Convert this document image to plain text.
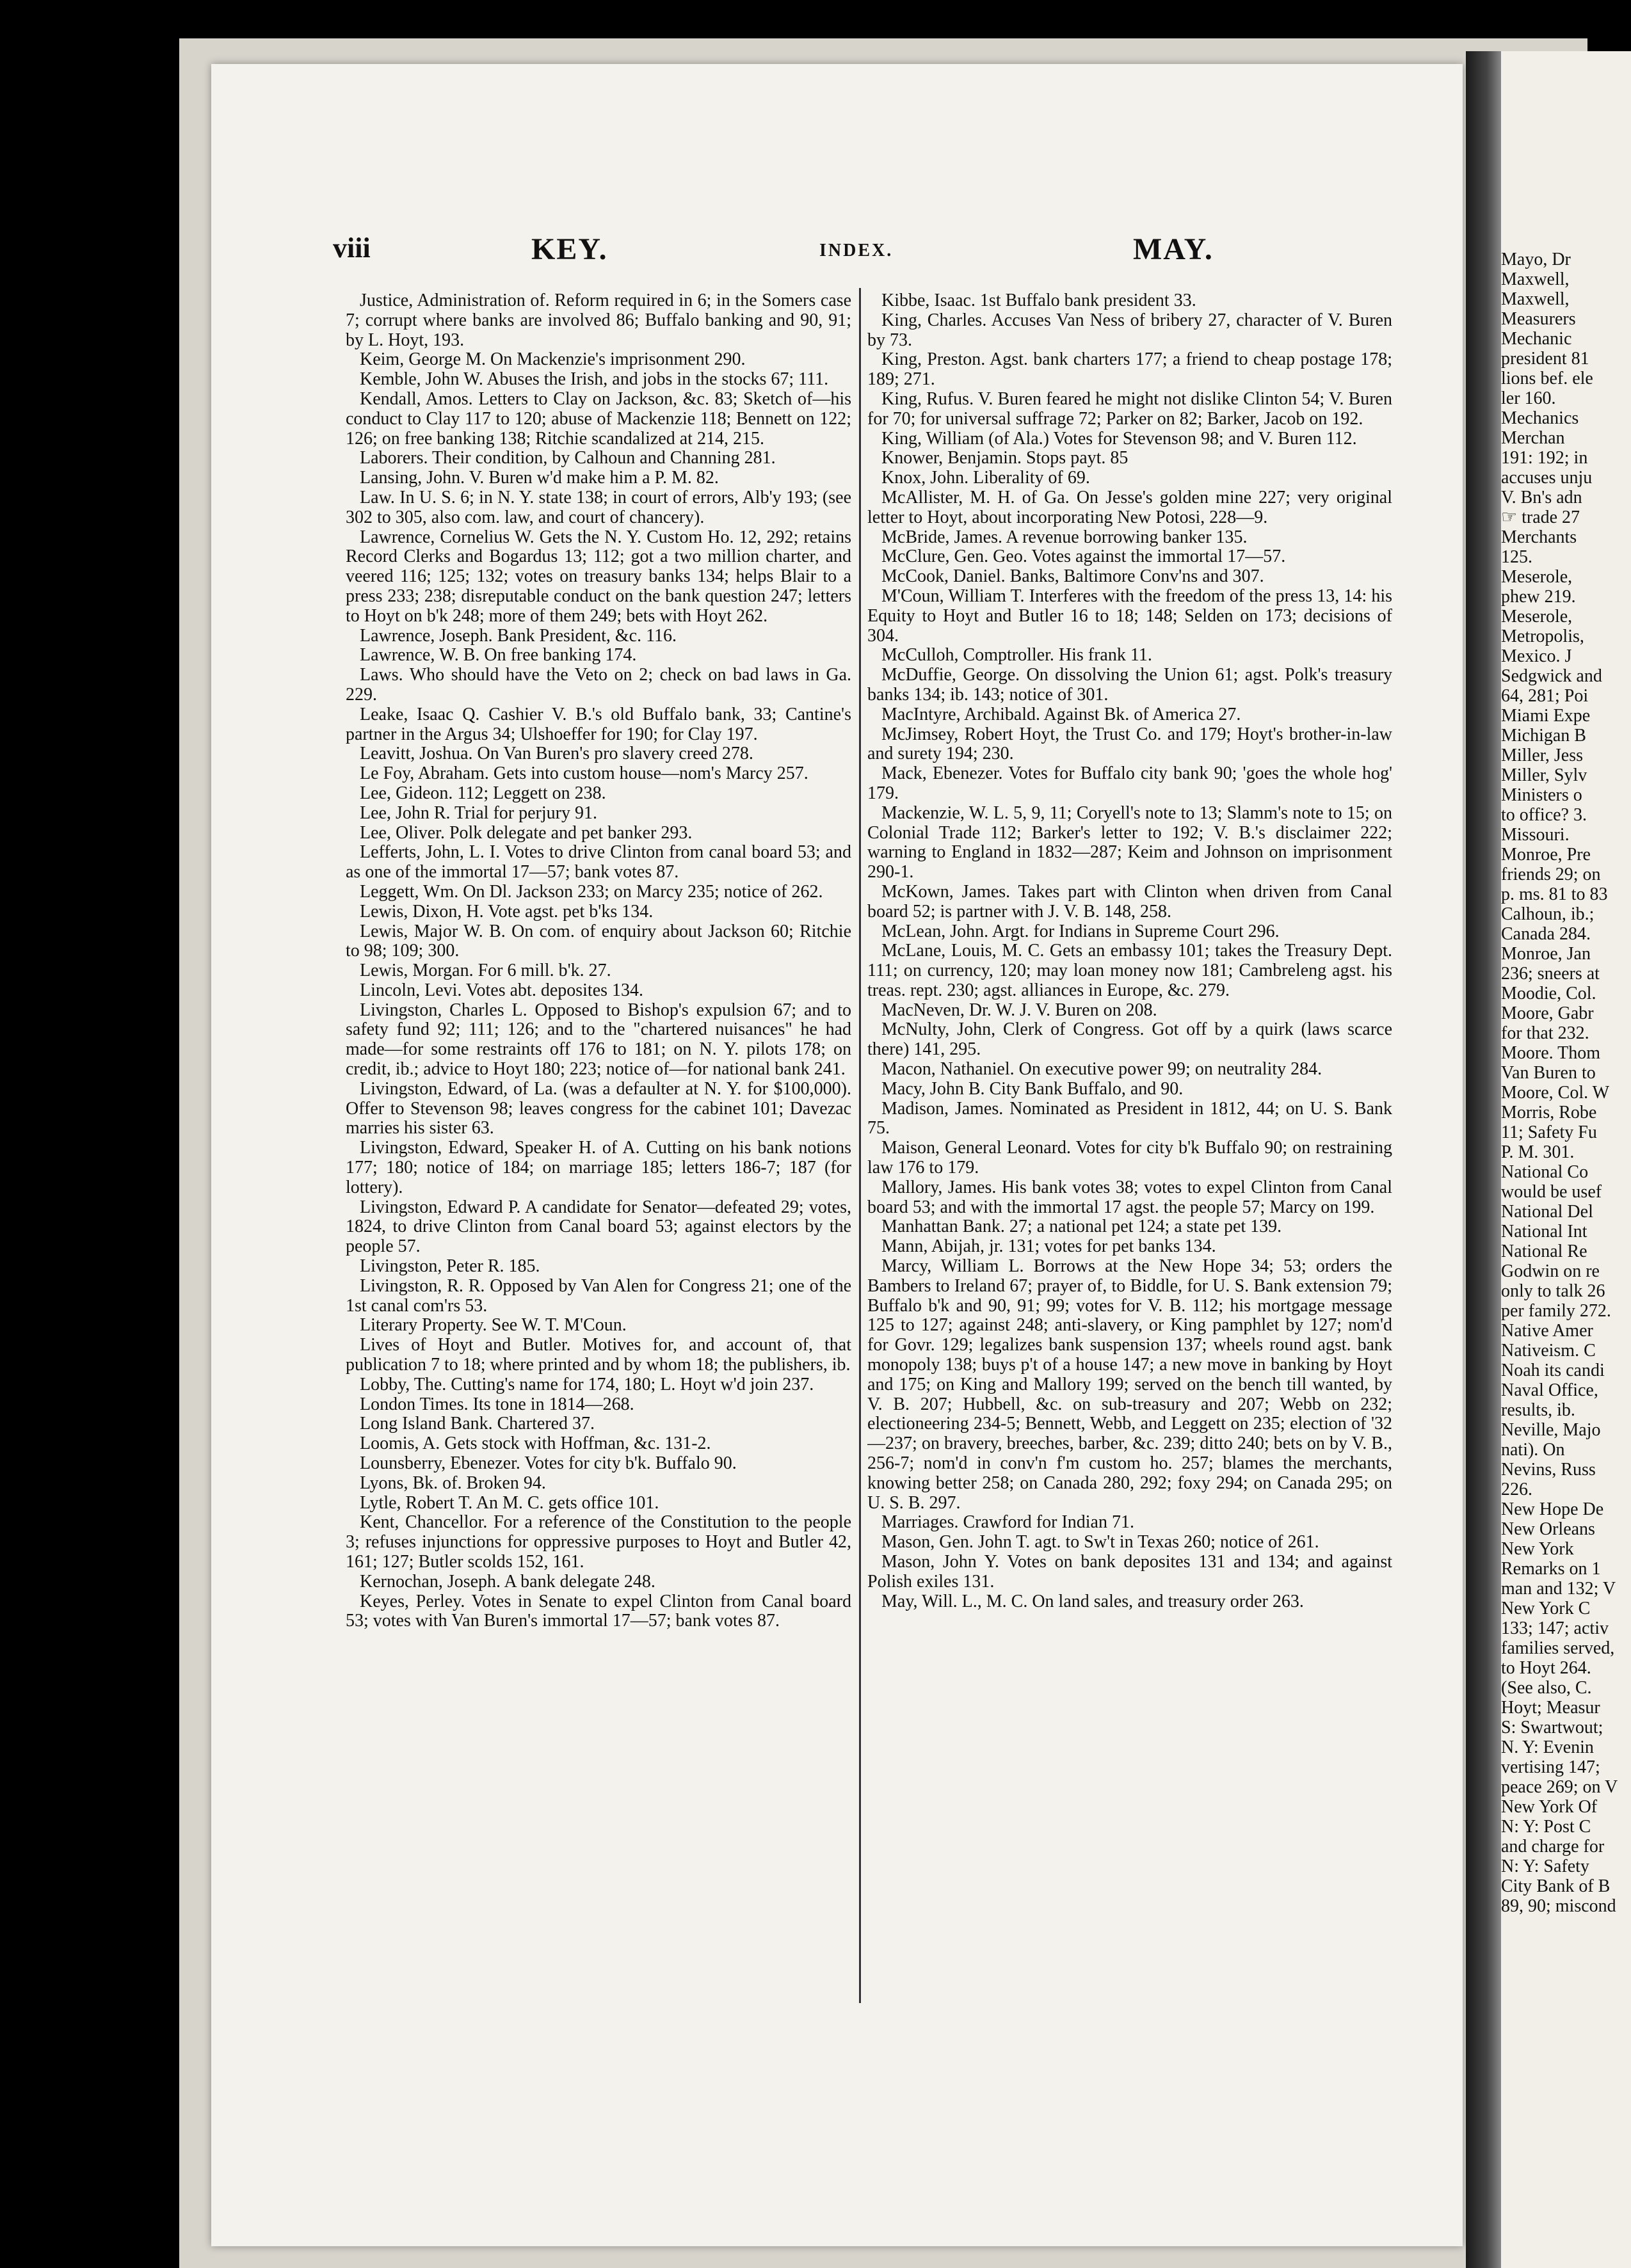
Mayo, Dr
Maxwell,
Maxwell,
Measurers
Mechanic
president 81
lions bef. ele
ler 160.
Mechanics
Merchan
191: 192; in
accuses unju
V. Bn's adn
☞ trade 27
Merchants
125.
Meserole,
phew 219.
Meserole,
Metropolis,
Mexico. J
Sedgwick and
64, 281; Poi
Miami Expe
Michigan B
Miller, Jess
Miller, Sylv
Ministers o
to office? 3.
Missouri.
Monroe, Pre
friends 29; on
p. ms. 81 to 83
Calhoun, ib.;
Canada 284.
Monroe, Jan
236; sneers at
Moodie, Col.
Moore, Gabr
for that 232.
Moore. Thom
Van Buren to
Moore, Col. W
Morris, Robe
11; Safety Fu
P. M. 301.
National Co
would be usef
National Del
National Int
National Re
Godwin on re
only to talk 26
per family 272.
Native Amer
Nativeism. C
Noah its candi
Naval Office,
results, ib.
Neville, Majo
nati). On
Nevins, Russ
226.
New Hope De
New Orleans
New York
Remarks on 1
man and 132; V
New York C
133; 147; activ
families served,
to Hoyt 264.
(See also, C.
Hoyt; Measur
S: Swartwout;
N. Y: Evenin
vertising 147;
peace 269; on V
New York Of
N: Y: Post C
and charge for
N: Y: Safety
City Bank of B
89, 90; miscond
viii	KEY.	INDEX.	MAY.

Justice, Administration of. Reform required in 6; in the Somers case 7; corrupt where banks are involved 86; Buffalo banking and 90, 91; by L. Hoyt, 193.

Keim, George M. On Mackenzie's imprisonment 290.

Kemble, John W. Abuses the Irish, and jobs in the stocks 67; 111.

Kendall, Amos. Letters to Clay on Jackson, &c. 83; Sketch of—his conduct to Clay 117 to 120; abuse of Mackenzie 118; Bennett on 122; 126; on free banking 138; Ritchie scandalized at 214, 215.

Laborers. Their condition, by Calhoun and Channing 281.

Lansing, John. V. Buren w'd make him a P. M. 82.

Law. In U. S. 6; in N. Y. state 138; in court of errors, Alb'y 193; (see 302 to 305, also com. law, and court of chancery).

Lawrence, Cornelius W. Gets the N. Y. Custom Ho. 12, 292; retains Record Clerks and Bogardus 13; 112; got a two million charter, and veered 116; 125; 132; votes on treasury banks 134; helps Blair to a press 233; 238; disreputable conduct on the bank question 247; letters to Hoyt on b'k 248; more of them 249; bets with Hoyt 262.

Lawrence, Joseph. Bank President, &c. 116.

Lawrence, W. B. On free banking 174.

Laws. Who should have the Veto on 2; check on bad laws in Ga. 229.

Leake, Isaac Q. Cashier V. B.'s old Buffalo bank, 33; Cantine's partner in the Argus 34; Ulshoeffer for 190; for Clay 197.

Leavitt, Joshua. On Van Buren's pro slavery creed 278.

Le Foy, Abraham. Gets into custom house—nom's Marcy 257.

Lee, Gideon. 112; Leggett on 238.

Lee, John R. Trial for perjury 91.

Lee, Oliver. Polk delegate and pet banker 293.

Lefferts, John, L. I. Votes to drive Clinton from canal board 53; and as one of the immortal 17—57; bank votes 87.

Leggett, Wm. On Dl. Jackson 233; on Marcy 235; notice of 262.

Lewis, Dixon, H. Vote agst. pet b'ks 134.

Lewis, Major W. B. On com. of enquiry about Jackson 60; Ritchie to 98; 109; 300.

Lewis, Morgan. For 6 mill. b'k. 27.

Lincoln, Levi. Votes abt. deposites 134.

Livingston, Charles L. Opposed to Bishop's expulsion 67; and to safety fund 92; 111; 126; and to the "chartered nuisances" he had made—for some restraints off 176 to 181; on N. Y. pilots 178; on credit, ib.; advice to Hoyt 180; 223; notice of—for national bank 241.

Livingston, Edward, of La. (was a defaulter at N. Y. for $100,000). Offer to Stevenson 98; leaves congress for the cabinet 101; Davezac marries his sister 63.

Livingston, Edward, Speaker H. of A. Cutting on his bank notions 177; 180; notice of 184; on marriage 185; letters 186-7; 187 (for lottery).

Livingston, Edward P. A candidate for Senator—defeated 29; votes, 1824, to drive Clinton from Canal board 53; against electors by the people 57.

Livingston, Peter R. 185.

Livingston, R. R. Opposed by Van Alen for Congress 21; one of the 1st canal com'rs 53.

Literary Property. See W. T. M'Coun.

Lives of Hoyt and Butler. Motives for, and account of, that publication 7 to 18; where printed and by whom 18; the publishers, ib.

Lobby, The. Cutting's name for 174, 180; L. Hoyt w'd join 237.

London Times. Its tone in 1814—268.

Long Island Bank. Chartered 37.

Loomis, A. Gets stock with Hoffman, &c. 131-2.

Lounsberry, Ebenezer. Votes for city b'k. Buffalo 90.

Lyons, Bk. of. Broken 94.

Lytle, Robert T. An M. C. gets office 101.

Kent, Chancellor. For a reference of the Constitution to the people 3; refuses injunctions for oppressive purposes to Hoyt and Butler 42, 161; 127; Butler scolds 152, 161.

Kernochan, Joseph. A bank delegate 248.

Keyes, Perley. Votes in Senate to expel Clinton from Canal board 53; votes with Van Buren's immortal 17—57; bank votes 87.

Kibbe, Isaac. 1st Buffalo bank president 33.

King, Charles. Accuses Van Ness of bribery 27, character of V. Buren by 73.

King, Preston. Agst. bank charters 177; a friend to cheap postage 178; 189; 271.

King, Rufus. V. Buren feared he might not dislike Clinton 54; V. Buren for 70; for universal suffrage 72; Parker on 82; Barker, Jacob on 192.

King, William (of Ala.) Votes for Stevenson 98; and V. Buren 112.

Knower, Benjamin. Stops payt. 85

Knox, John. Liberality of 69.

McAllister, M. H. of Ga. On Jesse's golden mine 227; very original letter to Hoyt, about incorporating New Potosi, 228—9.

McBride, James. A revenue borrowing banker 135.

McClure, Gen. Geo. Votes against the immortal 17—57.

McCook, Daniel. Banks, Baltimore Conv'ns and 307.

M'Coun, William T. Interferes with the freedom of the press 13, 14: his Equity to Hoyt and Butler 16 to 18; 148; Selden on 173; decisions of 304.

McCulloh, Comptroller. His frank 11.

McDuffie, George. On dissolving the Union 61; agst. Polk's treasury banks 134; ib. 143; notice of 301.

MacIntyre, Archibald. Against Bk. of America 27.

McJimsey, Robert Hoyt, the Trust Co. and 179; Hoyt's brother-in-law and surety 194; 230.

Mack, Ebenezer. Votes for Buffalo city bank 90; 'goes the whole hog' 179.

Mackenzie, W. L. 5, 9, 11; Coryell's note to 13; Slamm's note to 15; on Colonial Trade 112; Barker's letter to 192; V. B.'s disclaimer 222; warning to England in 1832—287; Keim and Johnson on imprisonment 290-1.

McKown, James. Takes part with Clinton when driven from Canal board 52; is partner with J. V. B. 148, 258.

McLean, John. Argt. for Indians in Supreme Court 296.

McLane, Louis, M. C. Gets an embassy 101; takes the Treasury Dept. 111; on currency, 120; may loan money now 181; Cambreleng agst. his treas. rept. 230; agst. alliances in Europe, &c. 279.

MacNeven, Dr. W. J. V. Buren on 208.

McNulty, John, Clerk of Congress. Got off by a quirk (laws scarce there) 141, 295.

Macon, Nathaniel. On executive power 99; on neutrality 284.

Macy, John B. City Bank Buffalo, and 90.

Madison, James. Nominated as President in 1812, 44; on U. S. Bank 75.

Maison, General Leonard. Votes for city b'k Buffalo 90; on restraining law 176 to 179.

Mallory, James. His bank votes 38; votes to expel Clinton from Canal board 53; and with the immortal 17 agst. the people 57; Marcy on 199.

Manhattan Bank. 27; a national pet 124; a state pet 139.

Mann, Abijah, jr. 131; votes for pet banks 134.

Marcy, William L. Borrows at the New Hope 34; 53; orders the Bambers to Ireland 67; prayer of, to Biddle, for U. S. Bank extension 79; Buffalo b'k and 90, 91; 99; votes for V. B. 112; his mortgage message 125 to 127; against 248; anti-slavery, or King pamphlet by 127; nom'd for Govr. 129; legalizes bank suspension 137; wheels round agst. bank monopoly 138; buys p't of a house 147; a new move in banking by Hoyt and 175; on King and Mallory 199; served on the bench till wanted, by V. B. 207; Hubbell, &c. on sub-treasury and 207; Webb on 232; electioneering 234-5; Bennett, Webb, and Leggett on 235; election of '32—237; on bravery, breeches, barber, &c. 239; ditto 240; bets on by V. B., 256-7; nom'd in conv'n f'm custom ho. 257; blames the merchants, knowing better 258; on Canada 280, 292; foxy 294; on Canada 295; on U. S. B. 297.

Marriages. Crawford for Indian 71.

Mason, Gen. John T. agt. to Sw't in Texas 260; notice of 261.

Mason, John Y. Votes on bank deposites 131 and 134; and against Polish exiles 131.

May, Will. L., M. C. On land sales, and treasury order 263.
